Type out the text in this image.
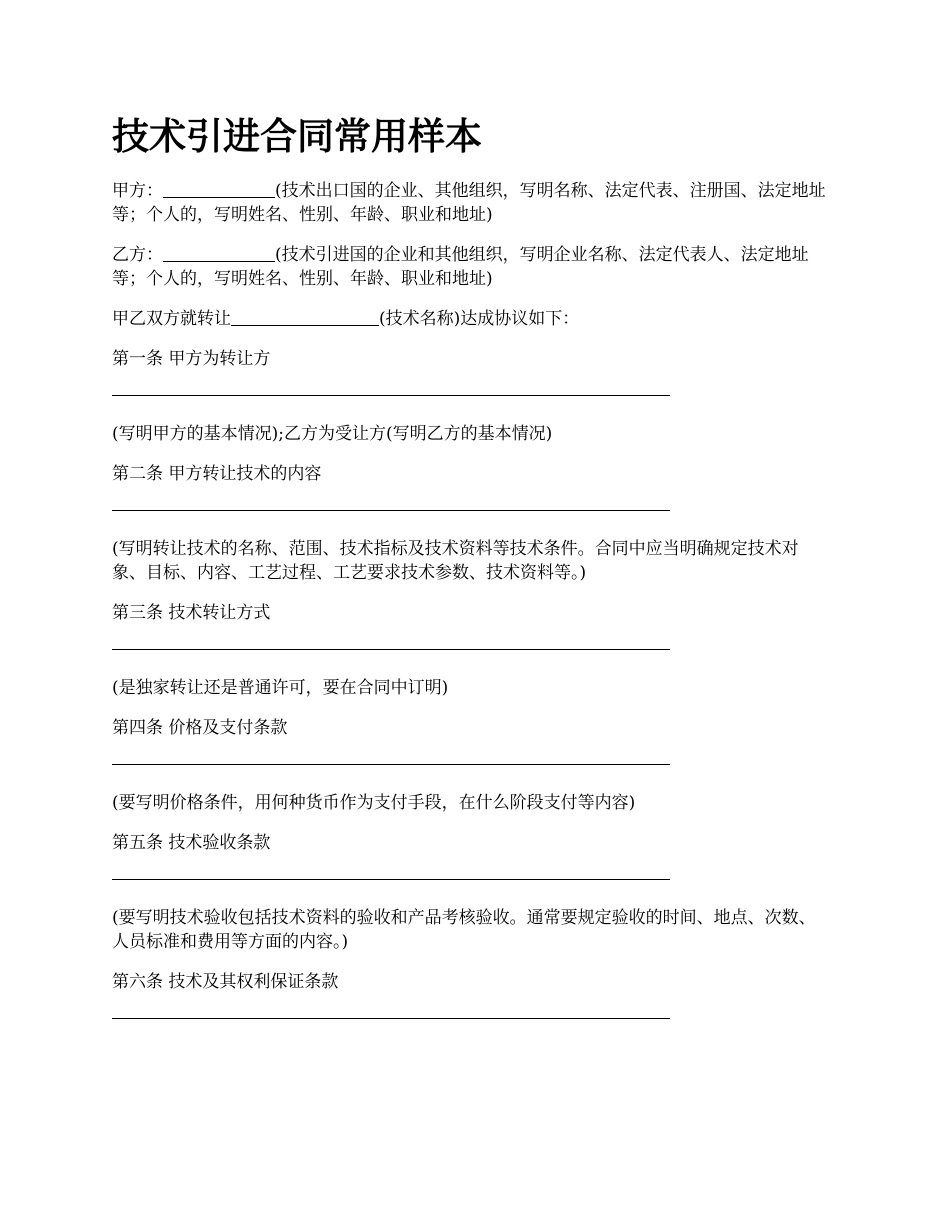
技术引进合同常用样本

甲方：	(技术出口国的企业、其他组织，写明名称、法定代表、注册国、法定地址等；个人的，写明姓名、性别、年龄、职业和地址)

乙方：	(技术引进国的企业和其他组织，写明企业名称、法定代表人、法定地址等；个人的，写明姓名、性别、年龄、职业和地址)

甲乙双方就转让	(技术名称)达成协议如下：

第一条 甲方为转让方

(写明甲方的基本情况);乙方为受让方(写明乙方的基本情况)

第二条 甲方转让技术的内容

(写明转让技术的名称、范围、技术指标及技术资料等技术条件。合同中应当明确规定技术对象、目标、内容、工艺过程、工艺要求技术参数、技术资料等。)

第三条 技术转让方式

(是独家转让还是普通许可，要在合同中订明)

第四条 价格及支付条款

(要写明价格条件，用何种货币作为支付手段，在什么阶段支付等内容)

第五条 技术验收条款

(要写明技术验收包括技术资料的验收和产品考核验收。通常要规定验收的时间、地点、次数、人员标准和费用等方面的内容。)

第六条 技术及其权利保证条款
